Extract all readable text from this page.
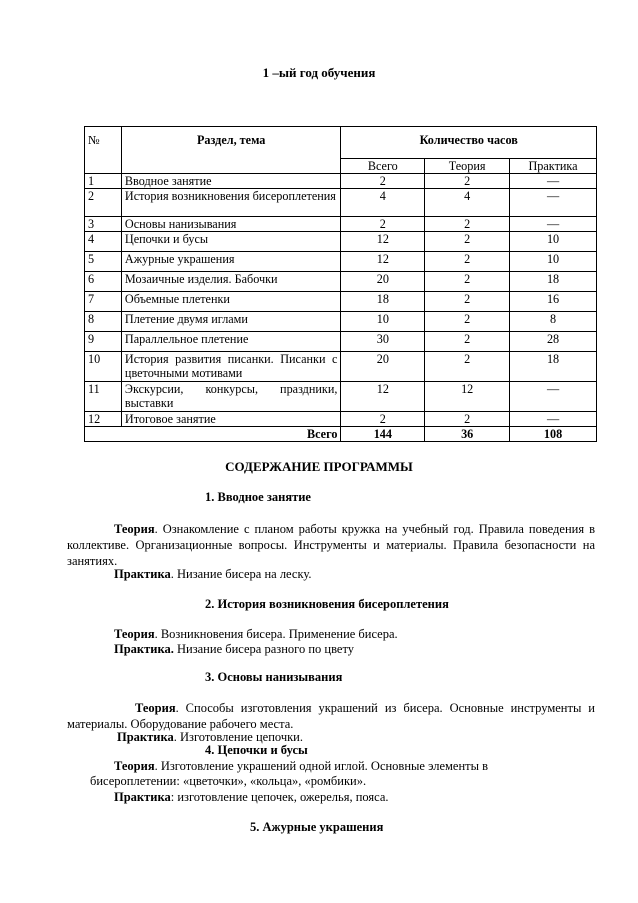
1 –ый год обучения
№	Раздел, тема	Количество часов		
		Всего	Теория	Практика
1	Вводное занятие	2	2	—
2	История возникновения бисероплетения	4	4	—
3	Основы нанизывания	2	2	—
4	Цепочки и бусы	12	2	10
5	Ажурные украшения	12	2	10
6	Мозаичные изделия. Бабочки	20	2	18
7	Объемные плетенки	18	2	16
8	Плетение двумя иглами	10	2	8
9	Параллельное плетение	30	2	28
10	История развития писанки. Писанки с цветочными мотивами	20	2	18
11	Экскурсии, конкурсы, праздники, выставки	12	12	—
12	Итоговое занятие	2	2	—
Всего		144	36	108
СОДЕРЖАНИЕ ПРОГРАММЫ
1. Вводное занятие
Теория. Ознакомление с планом работы кружка на учебный год. Правила поведения в коллективе. Организационные вопросы. Инструменты и материалы. Правила безопасности на занятиях.
Практика. Низание бисера на леску.
2. История возникновения бисероплетения
Теория. Возникновения бисера. Применение бисера.
Практика. Низание бисера разного по цвету
3. Основы нанизывания
Теория. Способы изготовления украшений из бисера. Основные инструменты и материалы. Оборудование рабочего места.
Практика. Изготовление цепочки.
4. Цепочки и бусы
Теория. Изготовление украшений одной иглой. Основные элементы в
бисероплетении: «цветочки», «кольца», «ромбики».
Практика: изготовление цепочек, ожерелья, пояса.
5. Ажурные украшения
